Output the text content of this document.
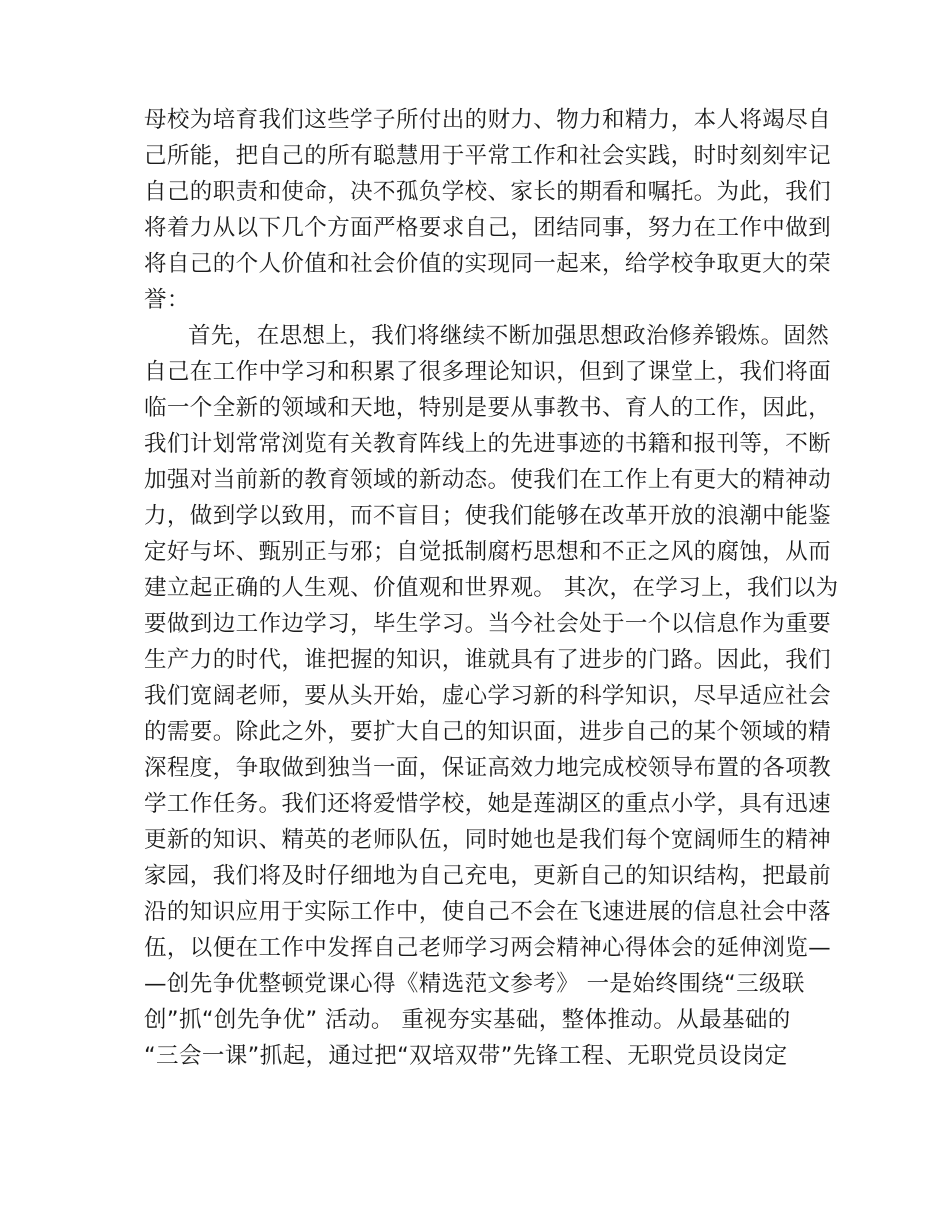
母校为培育我们这些学子所付出的财力、物力和精力，本人将竭尽自
己所能，把自己的所有聪慧用于平常工作和社会实践，时时刻刻牢记
自己的职责和使命，决不孤负学校、家长的期看和嘱托。为此，我们
将着力从以下几个方面严格要求自己，团结同事，努力在工作中做到
将自己的个人价值和社会价值的实现同一起来，给学校争取更大的荣
誉：
首先，在思想上，我们将继续不断加强思想政治修养锻炼。固然
自己在工作中学习和积累了很多理论知识，但到了课堂上，我们将面
临一个全新的领域和天地，特别是要从事教书、育人的工作，因此，
我们计划常常浏览有关教育阵线上的先进事迹的书籍和报刊等，不断
加强对当前新的教育领域的新动态。使我们在工作上有更大的精神动
力，做到学以致用，而不盲目；使我们能够在改革开放的浪潮中能鉴
定好与坏、甄别正与邪；自觉抵制腐朽思想和不正之风的腐蚀，从而
建立起正确的人生观、价值观和世界观。 其次，在学习上，我们以为
要做到边工作边学习，毕生学习。当今社会处于一个以信息作为重要
生产力的时代，谁把握的知识，谁就具有了进步的门路。因此，我们
我们宽阔老师，要从头开始，虚心学习新的科学知识，尽早适应社会
的需要。除此之外，要扩大自己的知识面，进步自己的某个领域的精
深程度，争取做到独当一面，保证高效力地完成校领导布置的各项教
学工作任务。我们还将爱惜学校，她是莲湖区的重点小学，具有迅速
更新的知识、精英的老师队伍，同时她也是我们每个宽阔师生的精神
家园，我们将及时仔细地为自己充电，更新自己的知识结构，把最前
沿的知识应用于实际工作中，使自己不会在飞速进展的信息社会中落
伍，以便在工作中发挥自己老师学习两会精神心得体会的延伸浏览—
—创先争优整顿党课心得《精选范文参考》 一是始终围绕“三级联
创”抓“创先争优” 活动。 重视夯实基础，整体推动。从最基础的
“三会一课”抓起，通过把“双培双带”先锋工程、无职党员设岗定
